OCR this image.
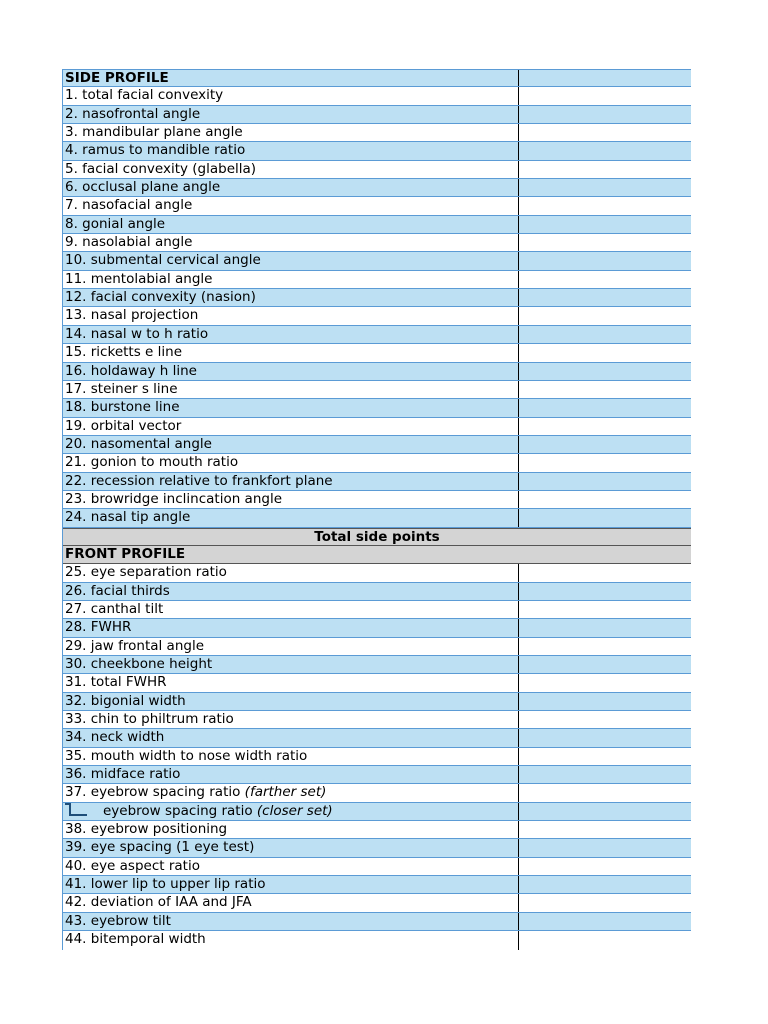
SIDE PROFILE
1. total facial convexity
2. nasofrontal angle
3. mandibular plane angle
4. ramus to mandible ratio
5. facial convexity (glabella)
6. occlusal plane angle
7. nasofacial angle
8. gonial angle
9. nasolabial angle
10. submental cervical angle
11. mentolabial angle
12. facial convexity (nasion)
13. nasal projection
14. nasal w to h ratio
15. ricketts e line
16. holdaway h line
17. steiner s line
18. burstone line
19. orbital vector
20. nasomental angle
21. gonion to mouth ratio
22. recession relative to frankfort plane
23. browridge inclincation angle
24. nasal tip angle
Total side points
FRONT PROFILE
25. eye separation ratio
26. facial thirds
27. canthal tilt
28. FWHR
29. jaw frontal angle
30. cheekbone height
31. total FWHR
32. bigonial width
33. chin to philtrum ratio
34. neck width
35. mouth width to nose width ratio
36. midface ratio
37. eyebrow spacing ratio (farther set)
eyebrow spacing ratio (closer set)
38. eyebrow positioning
39. eye spacing (1 eye test)
40. eye aspect ratio
41. lower lip to upper lip ratio
42. deviation of IAA and JFA
43. eyebrow tilt
44. bitemporal width
